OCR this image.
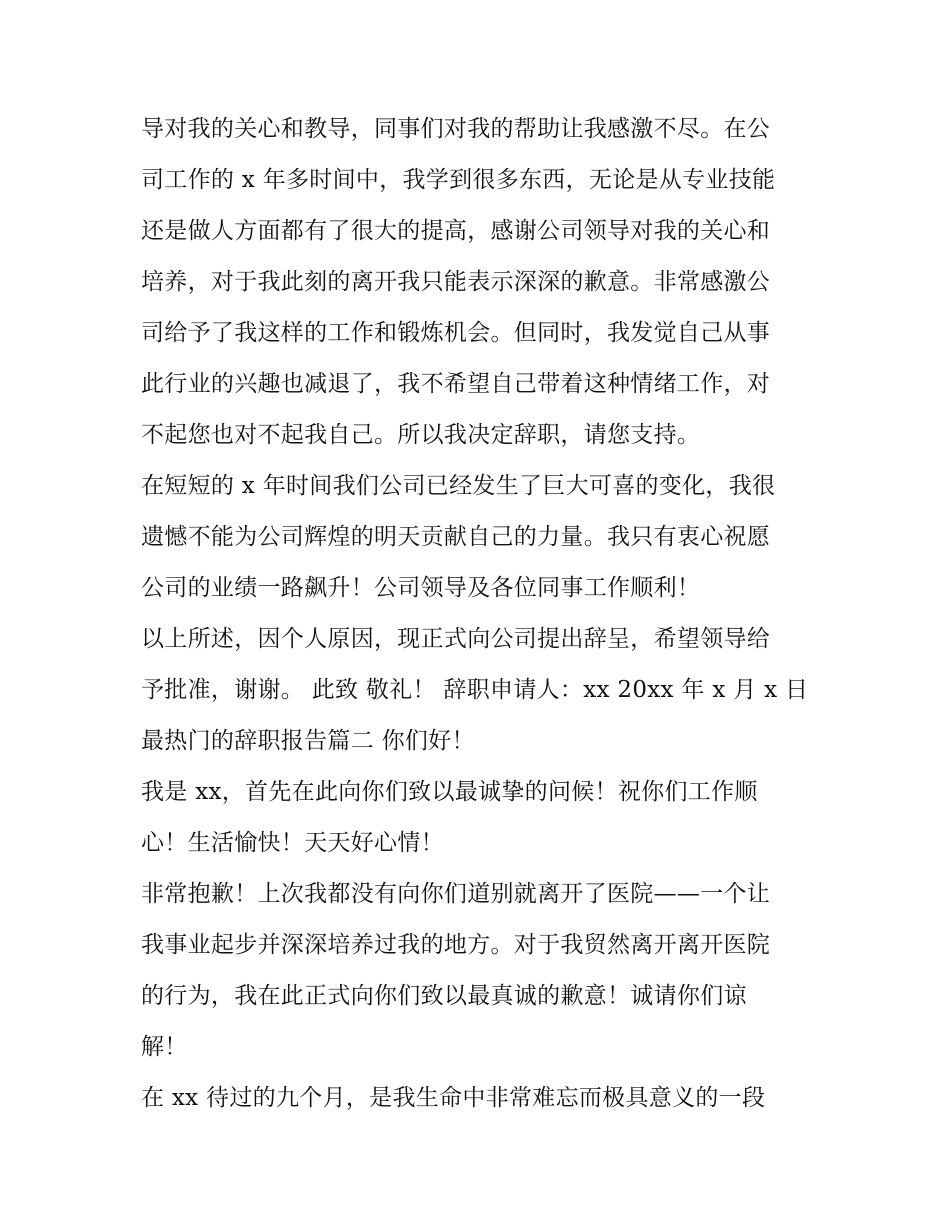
导对我的关心和教导，同事们对我的帮助让我感激不尽。在公
司工作的 x 年多时间中，我学到很多东西，无论是从专业技能
还是做人方面都有了很大的提高，感谢公司领导对我的关心和
培养，对于我此刻的离开我只能表示深深的歉意。非常感激公
司给予了我这样的工作和锻炼机会。但同时，我发觉自己从事
此行业的兴趣也减退了，我不希望自己带着这种情绪工作，对
不起您也对不起我自己。所以我决定辞职，请您支持。
在短短的 x 年时间我们公司已经发生了巨大可喜的变化，我很
遗憾不能为公司辉煌的明天贡献自己的力量。我只有衷心祝愿
公司的业绩一路飙升！公司领导及各位同事工作顺利！
以上所述，因个人原因，现正式向公司提出辞呈，希望领导给
予批准，谢谢。 此致 敬礼！ 辞职申请人：xx 20xx 年 x 月 x 日
最热门的辞职报告篇二 你们好！
我是 xx，首先在此向你们致以最诚挚的问候！祝你们工作顺
心！生活愉快！天天好心情！
非常抱歉！上次我都没有向你们道别就离开了医院——一个让
我事业起步并深深培养过我的地方。对于我贸然离开离开医院
的行为，我在此正式向你们致以最真诚的歉意！诚请你们谅
解！
在 xx 待过的九个月，是我生命中非常难忘而极具意义的一段
